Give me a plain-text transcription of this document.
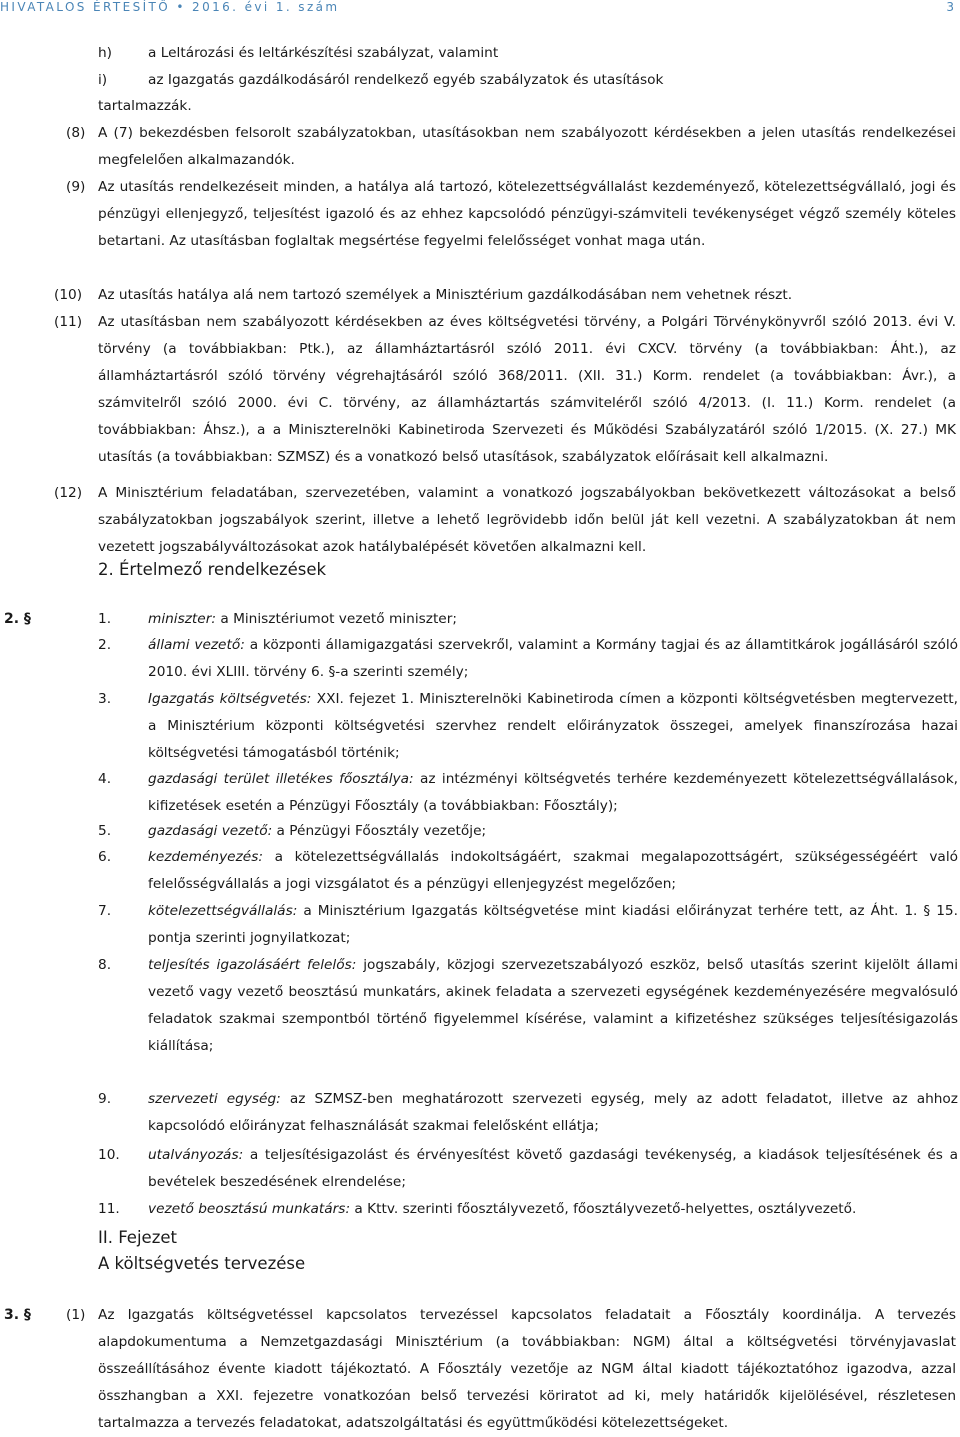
HIVATALOS ÉRTESÍTŐ • 2016. évi 1. szám	3
h)	a Leltározási és leltárkészítési szabályzat, valamint
i)	az Igazgatás gazdálkodásáról rendelkező egyéb szabályzatok és utasítások
tartalmazzák.
(8) A (7) bekezdésben felsorolt szabályzatokban, utasításokban nem szabályozott kérdésekben a jelen utasítás rendelkezései megfelelően alkalmazandók.
(9) Az utasítás rendelkezéseit minden, a hatálya alá tartozó, kötelezettségvállalást kezdeményező, kötelezettségvállaló, jogi és pénzügyi ellenjegyző, teljesítést igazoló és az ehhez kapcsolódó pénzügyi-számviteli tevékenységet végző személy köteles betartani. Az utasításban foglaltak megsértése fegyelmi felelősséget vonhat maga után.
(10) Az utasítás hatálya alá nem tartozó személyek a Minisztérium gazdálkodásában nem vehetnek részt.
(11) Az utasításban nem szabályozott kérdésekben az éves költségvetési törvény, a Polgári Törvénykönyvről szóló 2013. évi V. törvény (a továbbiakban: Ptk.), az államháztartásról szóló 2011. évi CXCV. törvény (a továbbiakban: Áht.), az államháztartásról szóló törvény végrehajtásáról szóló 368/2011. (XII. 31.) Korm. rendelet (a továbbiakban: Ávr.), a számvitelről szóló 2000. évi C. törvény, az államháztartás számviteléről szóló 4/2013. (I. 11.) Korm. rendelet (a továbbiakban: Áhsz.), a a Miniszterelnöki Kabinetiroda Szervezeti és Működési Szabályzatáról szóló 1/2015. (X. 27.) MK utasítás (a továbbiakban: SZMSZ) és a vonatkozó belső utasítások, szabályzatok előírásait kell alkalmazni.
(12) A Minisztérium feladatában, szervezetében, valamint a vonatkozó jogszabályokban bekövetkezett változásokat a belső szabályzatokban jogszabályok szerint, illetve a lehető legrövidebb időn belül ját kell vezetni. A szabályzatokban át nem vezetett jogszabályváltozásokat azok hatálybalépését követően alkalmazni kell.
2. Értelmező rendelkezések
2. §	1.	miniszter: a Minisztériumot vezető miniszter;
2.	állami vezető: a központi államigazgatási szervekről, valamint a Kormány tagjai és az államtitkárok jogállásáról szóló 2010. évi XLIII. törvény 6. §-a szerinti személy;
3.	Igazgatás költségvetés: XXI. fejezet 1. Miniszterelnöki Kabinetiroda címen a központi költségvetésben megtervezett, a Minisztérium központi költségvetési szervhez rendelt előirányzatok összegei, amelyek finanszírozása hazai költségvetési támogatásból történik;
4.	gazdasági terület illetékes főosztálya: az intézményi költségvetés terhére kezdeményezett kötelezettségvállalások, kifizetések esetén a Pénzügyi Főosztály (a továbbiakban: Főosztály);
5.	gazdasági vezető: a Pénzügyi Főosztály vezetője;
6.	kezdeményezés: a kötelezettségvállalás indokoltságáért, szakmai megalapozottságért, szükségességéért való felelősségvállalás a jogi vizsgálatot és a pénzügyi ellenjegyzést megelőzően;
7.	kötelezettségvállalás: a Minisztérium Igazgatás költségvetése mint kiadási előirányzat terhére tett, az Áht. 1. § 15. pontja szerinti jognyilatkozat;
8.	teljesítés igazolásáért felelős: jogszabály, közjogi szervezetszabályozó eszköz, belső utasítás szerint kijelölt állami vezető vagy vezető beosztású munkatárs, akinek feladata a szervezeti egységének kezdeményezésére megvalósuló feladatok szakmai szempontból történő figyelemmel kísérése, valamint a kifizetéshez szükséges teljesítésigazolás kiállítása;
9.	szervezeti egység: az SZMSZ-ben meghatározott szervezeti egység, mely az adott feladatot, illetve az ahhoz kapcsolódó előirányzat felhasználását szakmai felelősként ellátja;
10. utalványozás: a teljesítésigazolást és érvényesítést követő gazdasági tevékenység, a kiadások teljesítésének és a bevételek beszedésének elrendelése;
11. vezető beosztású munkatárs: a Kttv. szerinti főosztályvezető, főosztályvezető-helyettes, osztályvezető.
II. Fejezet
A költségvetés tervezése
3. §	(1) Az Igazgatás költségvetéssel kapcsolatos tervezéssel kapcsolatos feladatait a Főosztály koordinálja. A tervezés alapdokumentuma a Nemzetgazdasági Minisztérium (a továbbiakban: NGM) által a költségvetési törvényjavaslat összeállításához évente kiadott tájékoztató. A Főosztály vezetője az NGM által kiadott tájékoztatóhoz igazodva, azzal összhangban a XXI. fejezetre vonatkozóan belső tervezési köriratot ad ki, mely határidők kijelölésével, részletesen tartalmazza a tervezés feladatokat, adatszolgáltatási és együttműködési kötelezettségeket.
